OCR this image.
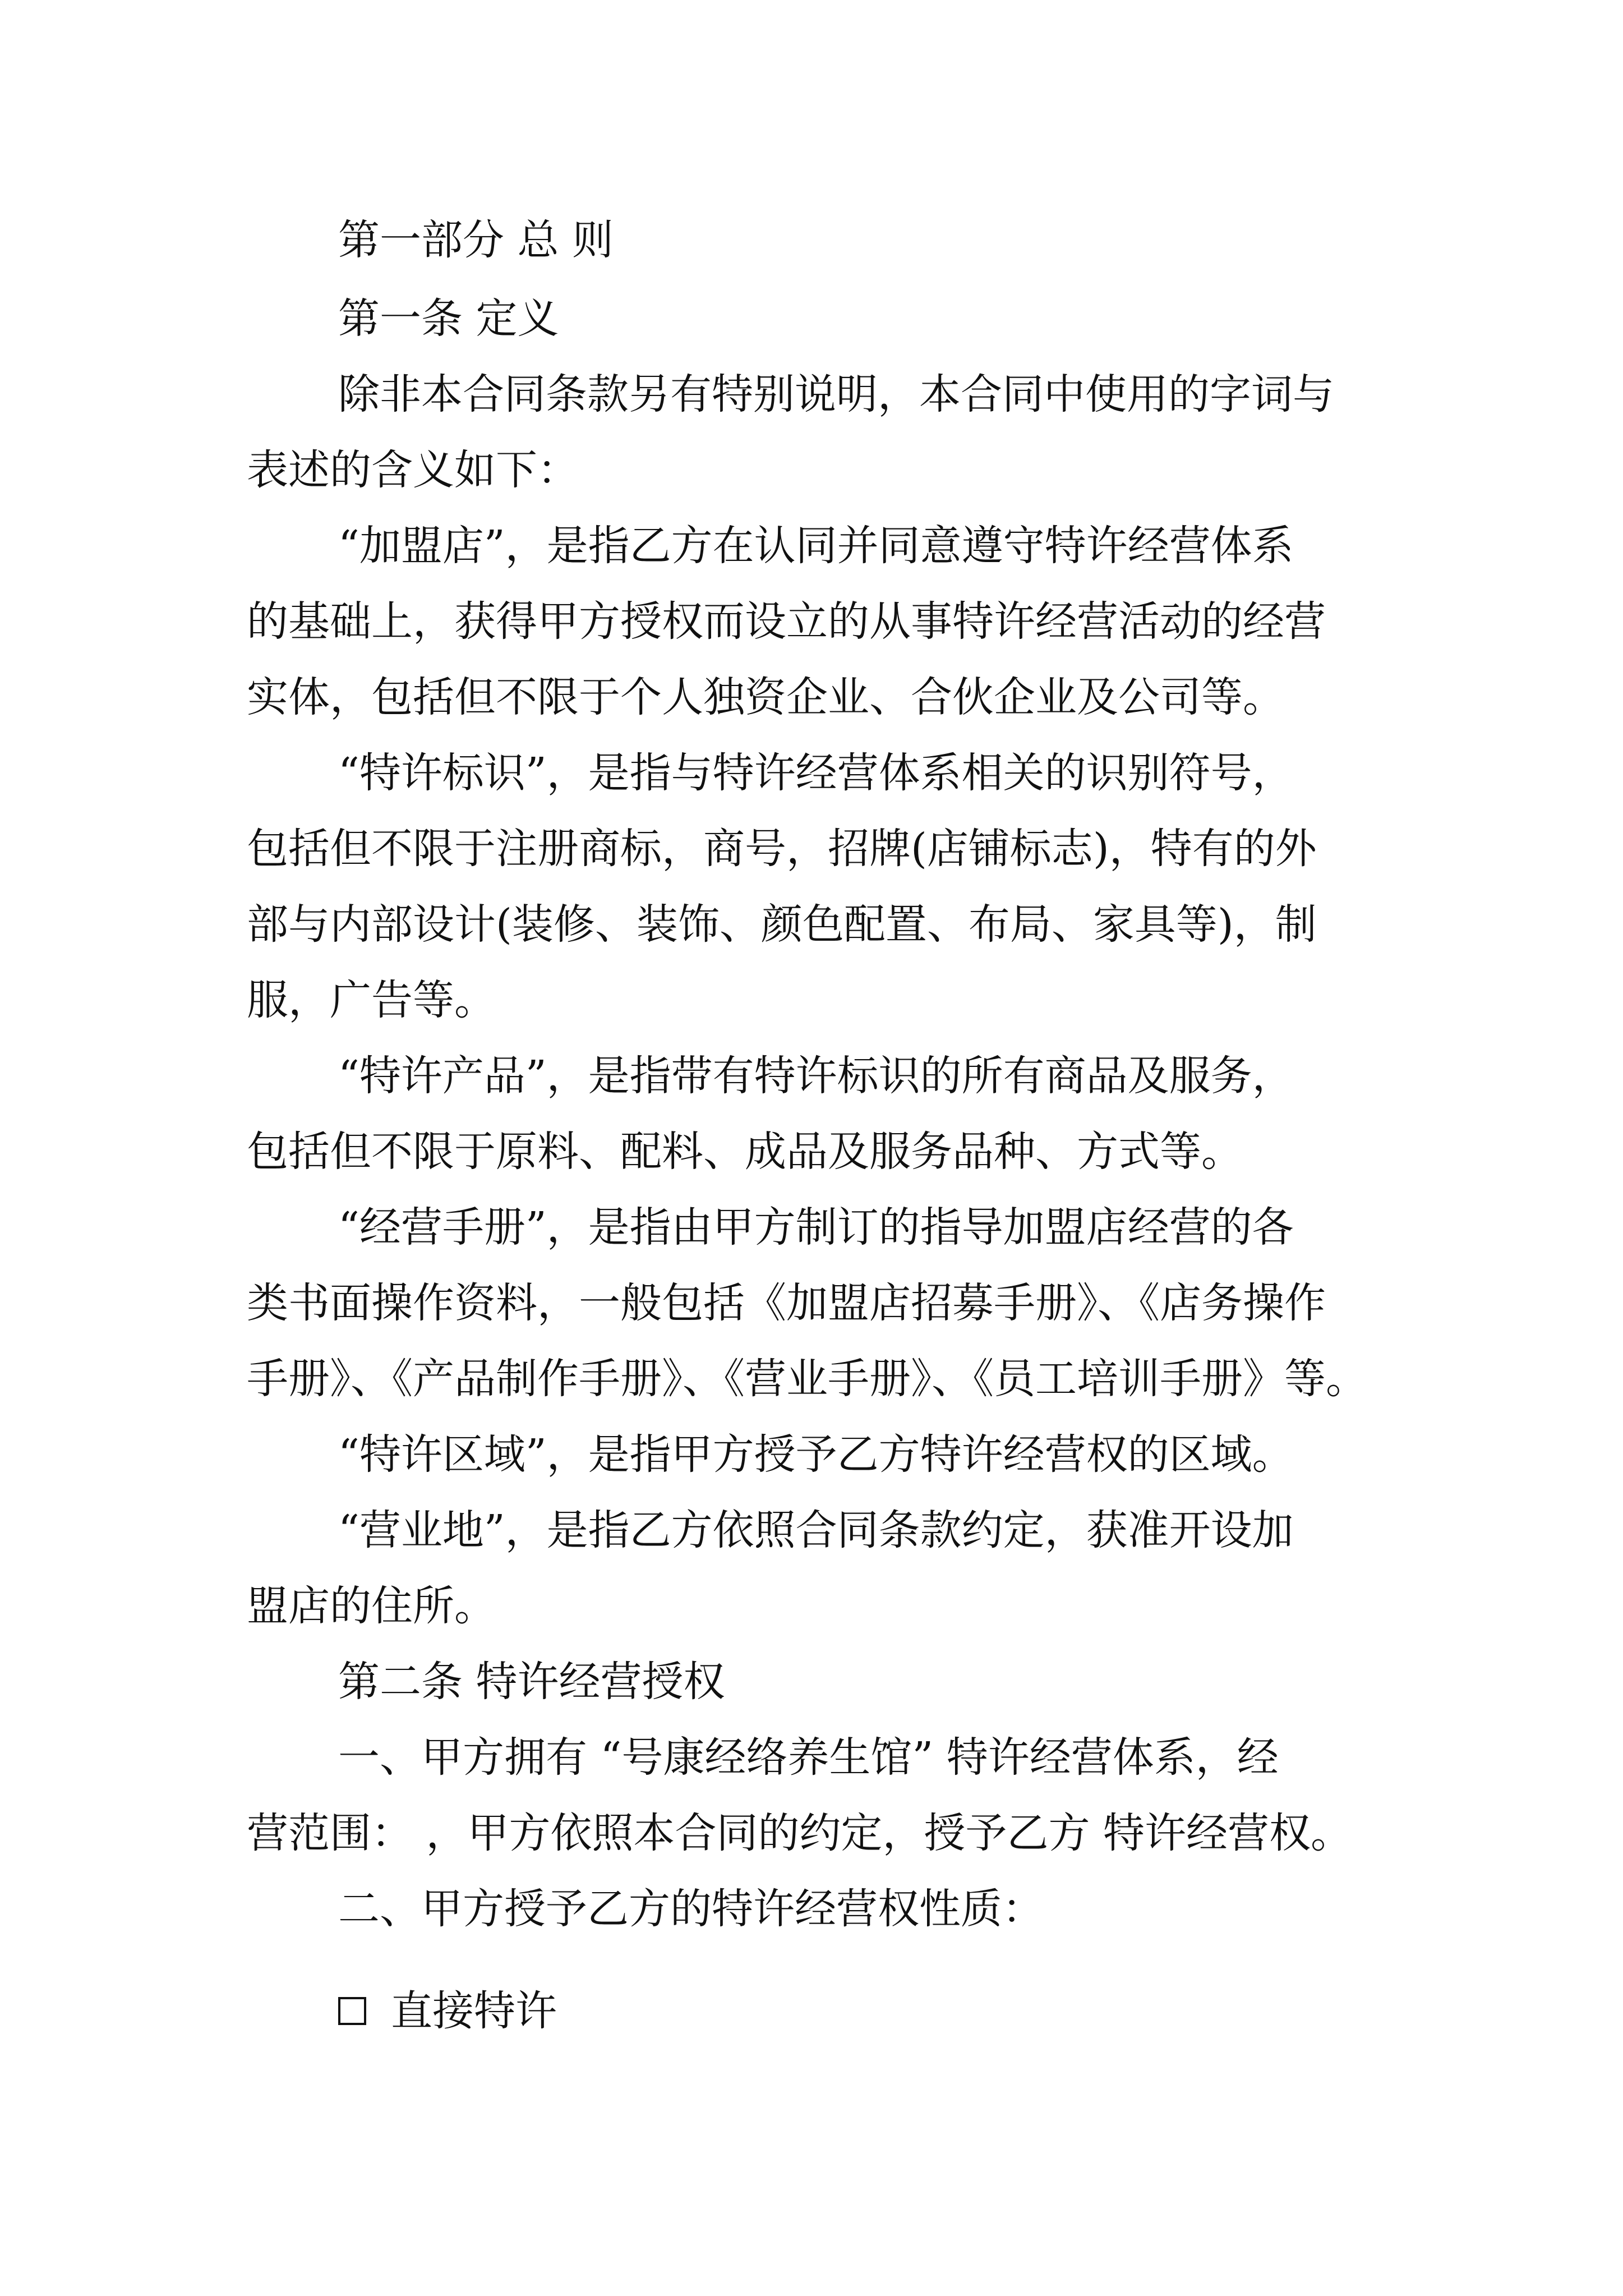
第一部分 总 则
第一条 定义
除非本合同条款另有特别说明，本合同中使用的字词与
表述的含义如下：
“加盟店”，是指乙方在认同并同意遵守特许经营体系
的基础上，获得甲方授权而设立的从事特许经营活动的经营
实体，包括但不限于个人独资企业、合伙企业及公司等。
“特许标识”，是指与特许经营体系相关的识别符号，
包括但不限于注册商标，商号，招牌(店铺标志)，特有的外
部与内部设计(装修、装饰、颜色配置、布局、家具等)，制
服，广告等。
“特许产品”，是指带有特许标识的所有商品及服务，
包括但不限于原料、配料、成品及服务品种、方式等。
“经营手册”，是指由甲方制订的指导加盟店经营的各
类书面操作资料，一般包括《加盟店招募手册》、《店务操作
手册》、《产品制作手册》、《营业手册》、《员工培训手册》等。
“特许区域”，是指甲方授予乙方特许经营权的区域。
“营业地”，是指乙方依照合同条款约定，获准开设加
盟店的住所。
第二条 特许经营授权
一、甲方拥有 “号康经络养生馆” 特许经营体系，经
营范围： ，甲方依照本合同的约定，授予乙方 特许经营权。
二、甲方授予乙方的特许经营权性质：
直接特许
